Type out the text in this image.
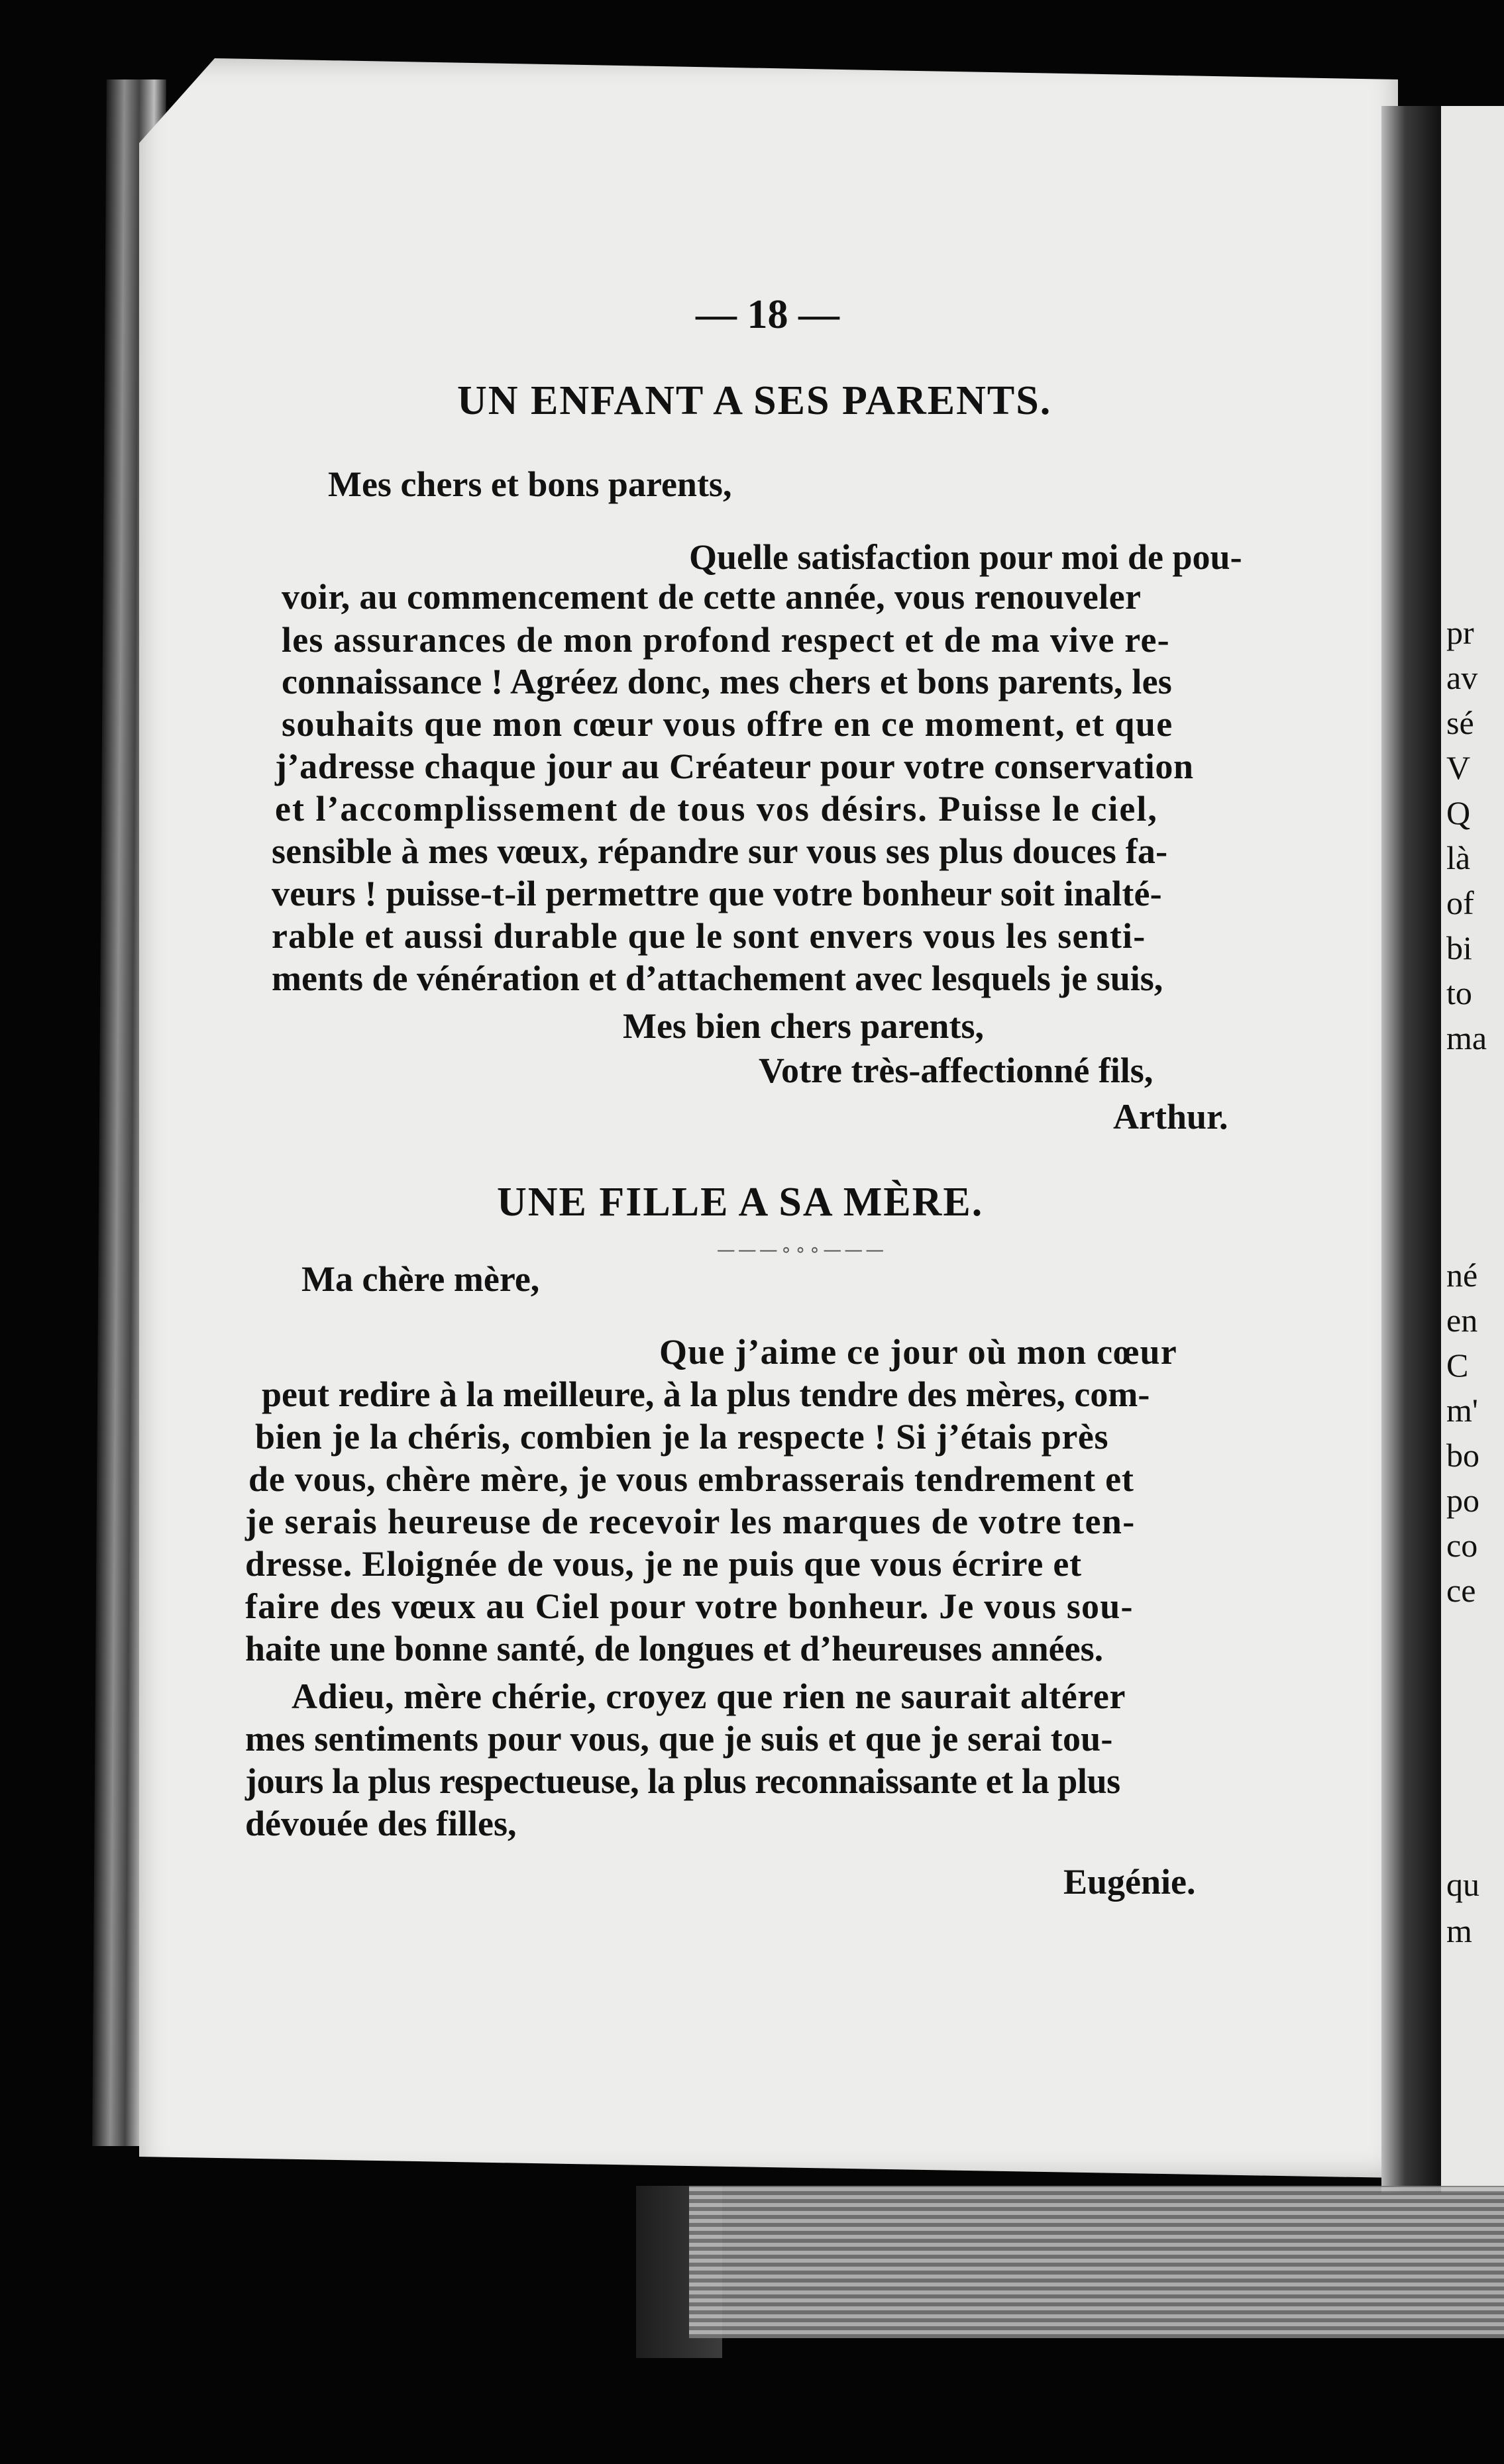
pr
av
sé
V
Q
là
of
bi
to
ma
né
en
C
m'
bo
po
co
ce
qu
m
— 18 —
UN ENFANT A SES PARENTS.
Mes chers et bons parents,
Quelle satisfaction pour moi de pou-
voir, au commencement de cette année, vous renouveler
les assurances de mon profond respect et de ma vive re-
connaissance ! Agréez donc, mes chers et bons parents, les
souhaits que mon cœur vous offre en ce moment, et que
j’adresse chaque jour au Créateur pour votre conservation
et l’accomplissement de tous vos désirs. Puisse le ciel,
sensible à mes vœux, répandre sur vous ses plus douces fa-
veurs ! puisse-t-il permettre que votre bonheur soit inalté-
rable et aussi durable que le sont envers vous les senti-
ments de vénération et d’attachement avec lesquels je suis,
Mes bien chers parents,
Votre très-affectionné fils,
Arthur.
UNE FILLE A SA MÈRE.
———∘∘∘———
Ma chère mère,
Que j’aime ce jour où mon cœur
peut redire à la meilleure, à la plus tendre des mères, com-
bien je la chéris, combien je la respecte ! Si j’étais près
de vous, chère mère, je vous embrasserais tendrement et
je serais heureuse de recevoir les marques de votre ten-
dresse. Eloignée de vous, je ne puis que vous écrire et
faire des vœux au Ciel pour votre bonheur. Je vous sou-
haite une bonne santé, de longues et d’heureuses années.
Adieu, mère chérie, croyez que rien ne saurait altérer
mes sentiments pour vous, que je suis et que je serai tou-
jours la plus respectueuse, la plus reconnaissante et la plus
dévouée des filles,
Eugénie.
